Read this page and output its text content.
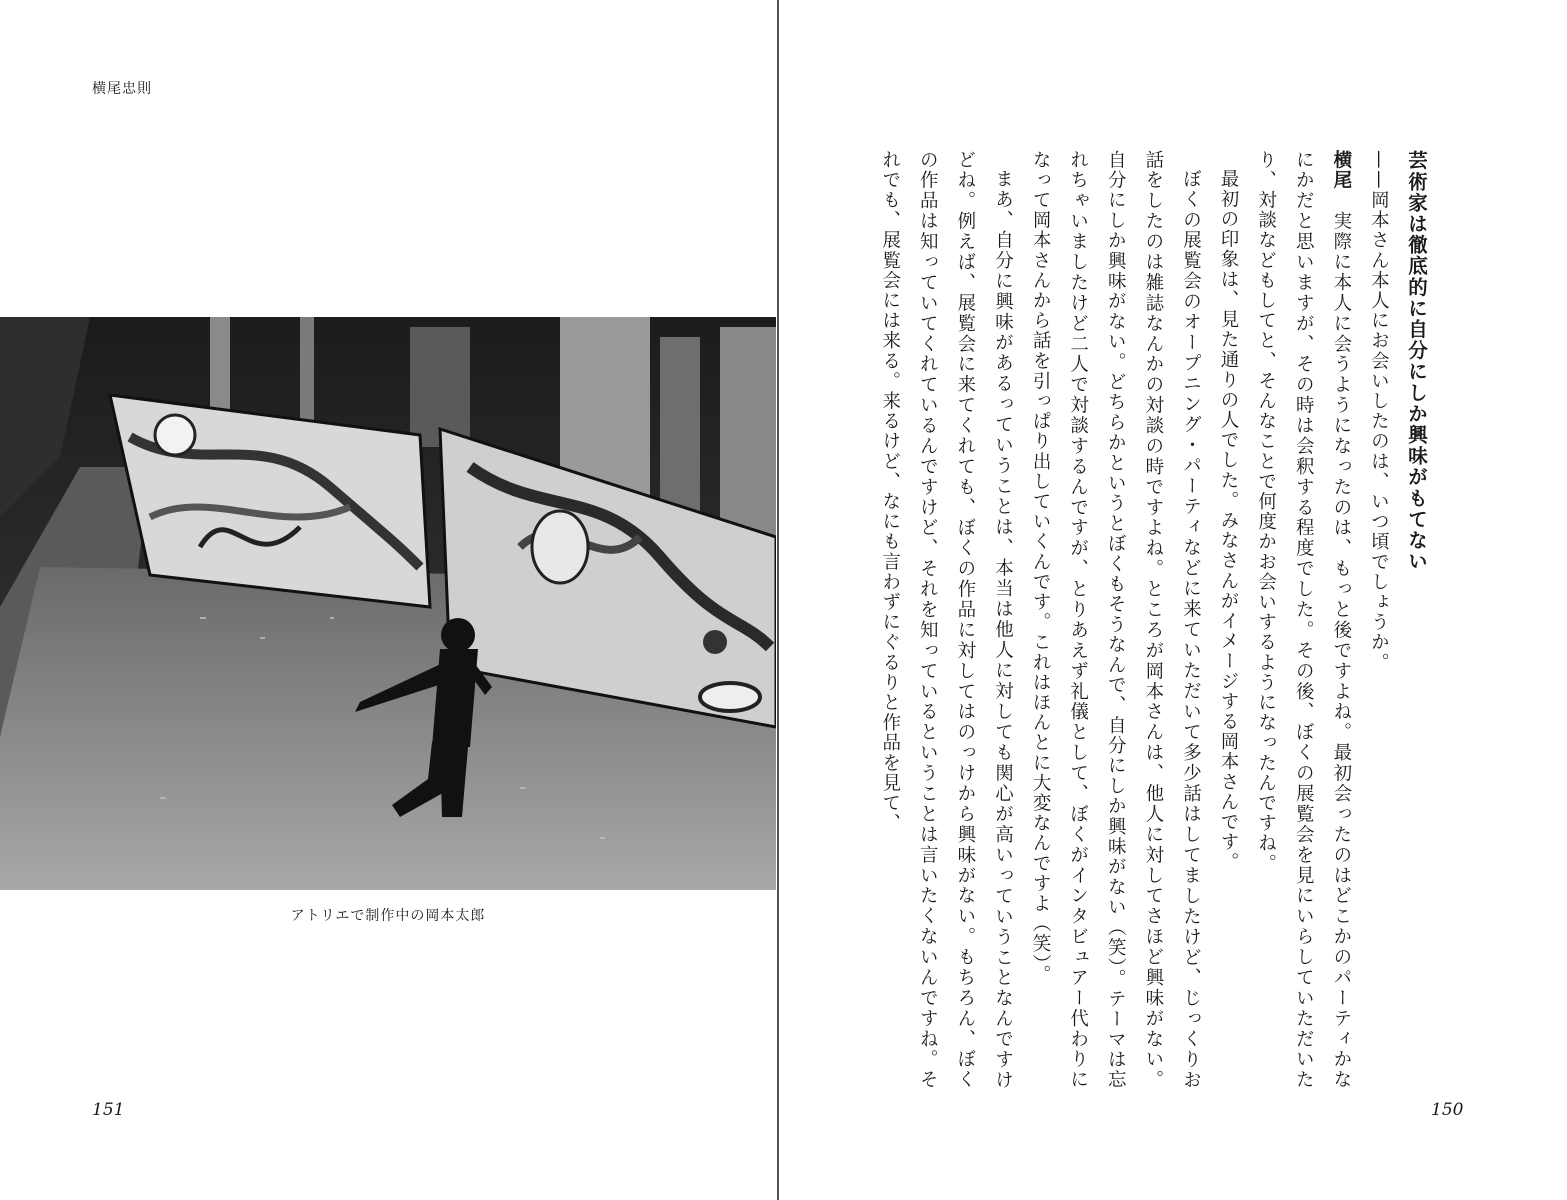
横尾忠則
アトリエで制作中の岡本太郎
151

芸術家は徹底的に自分にしか興味がもてない

——岡本さん本人にお会いしたのは、いつ頃でしょうか。

横尾　実際に本人に会うようになったのは、もっと後ですよね。最初会ったのはどこかのパーティかなにかだと思いますが、その時は会釈する程度でした。その後、ぼくの展覧会を見にいらしていただいたり、対談などもしてと、そんなことで何度かお会いするようになったんですね。

最初の印象は、見た通りの人でした。みなさんがイメージする岡本さんです。

ぼくの展覧会のオープニング・パーティなどに来ていただいて多少話はしてましたけど、じっくりお話をしたのは雑誌なんかの対談の時ですよね。ところが岡本さんは、他人に対してさほど興味がない。自分にしか興味がない。どちらかというとぼくもそうなんで、自分にしか興味がない（笑）。テーマは忘れちゃいましたけど二人で対談するんですが、とりあえず礼儀として、ぼくがインタビュアー代わりになって岡本さんから話を引っぱり出していくんです。これはほんとに大変なんですよ（笑）。

まあ、自分に興味があるっていうことは、本当は他人に対しても関心が高いっていうことなんですけどね。例えば、展覧会に来てくれても、ぼくの作品に対してはのっけから興味がない。もちろん、ぼくの作品は知っていてくれているんですけど、それを知っているということは言いたくないんですね。それでも、展覧会には来る。来るけど、なにも言わずにぐるりと作品を見て、

150
